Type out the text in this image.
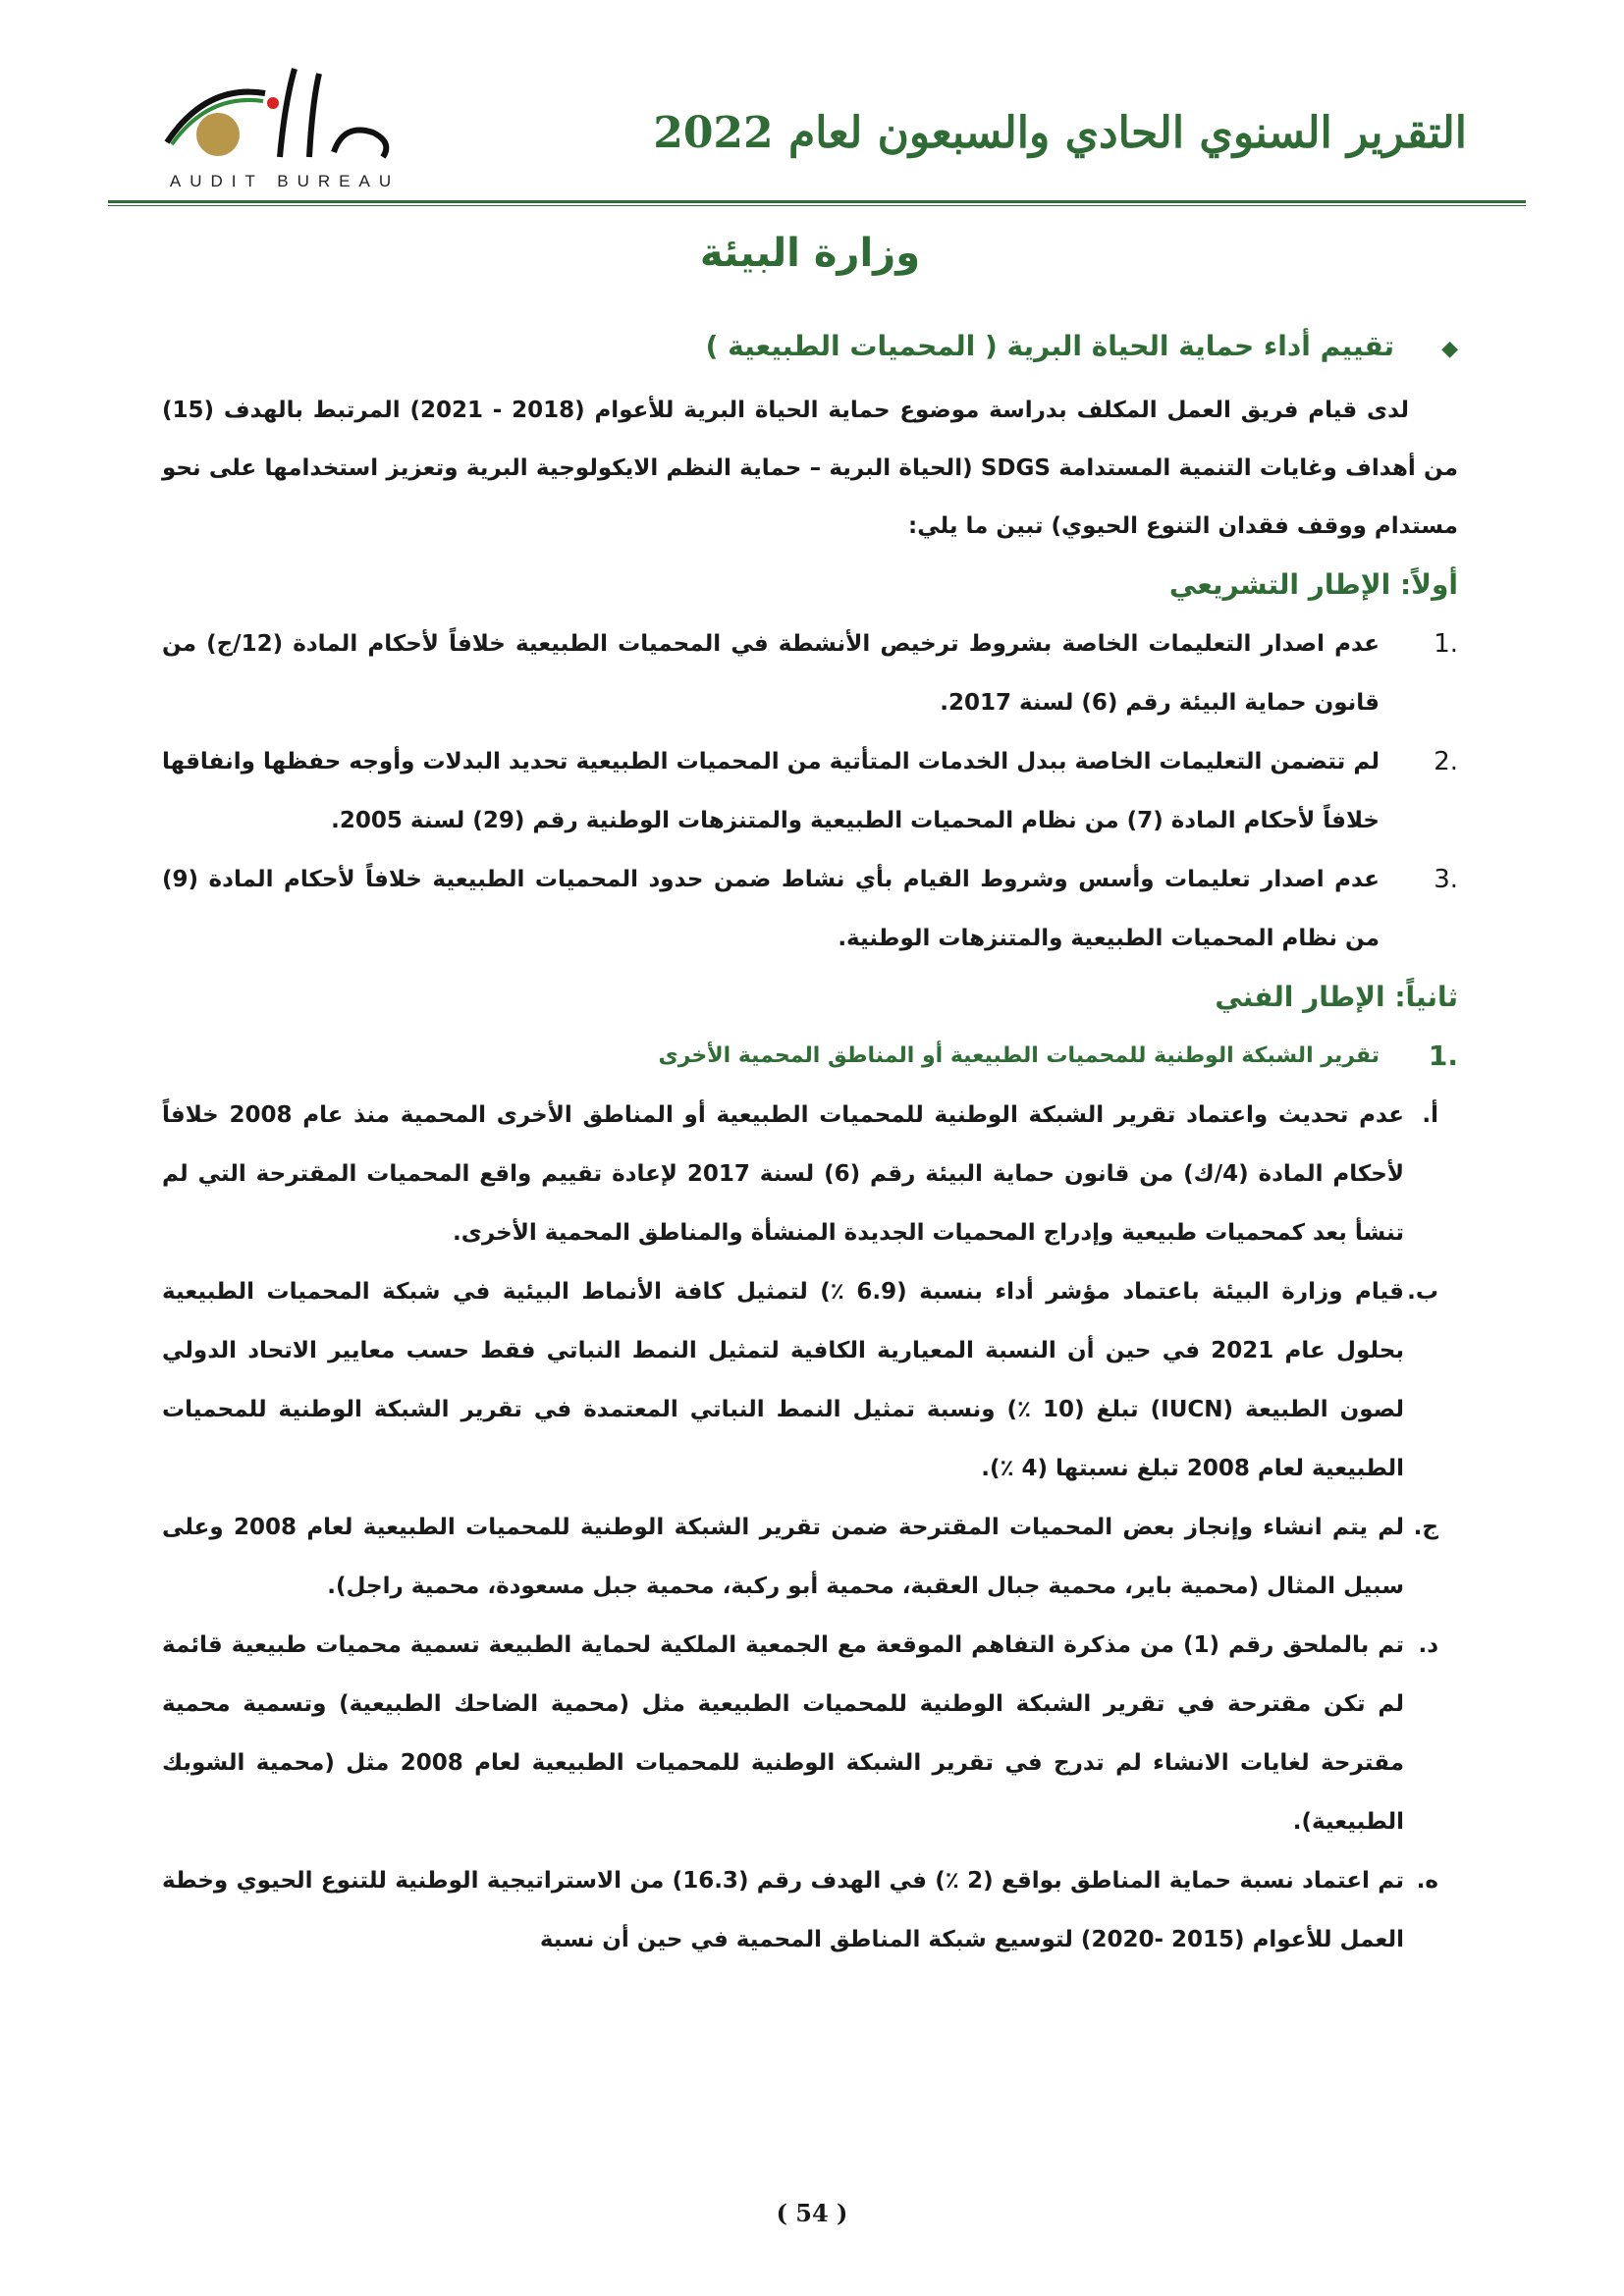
AUDIT BUREAU
التقرير السنوي الحادي والسبعون لعام 2022
وزارة البيئة
◆تقييم أداء حماية الحياة البرية ( المحميات الطبيعية )

لدى قيام فريق العمل المكلف بدراسة موضوع حماية الحياة البرية للأعوام (2018 - 2021) المرتبط بالهدف (15) من أهداف وغايات التنمية المستدامة SDGS (الحياة البرية – حماية النظم الايكولوجية البرية وتعزيز استخدامها على نحو مستدام ووقف فقدان التنوع الحيوي) تبين ما يلي:

أولاً: الإطار التشريعي
.1
عدم اصدار التعليمات الخاصة بشروط ترخيص الأنشطة في المحميات الطبيعية خلافاً لأحكام المادة (12/ج) من قانون حماية البيئة رقم (6) لسنة 2017.
.2
لم تتضمن التعليمات الخاصة ببدل الخدمات المتأتية من المحميات الطبيعية تحديد البدلات وأوجه حفظها وانفاقها خلافاً لأحكام المادة (7) من نظام المحميات الطبيعية والمتنزهات الوطنية رقم (29) لسنة 2005.
.3
عدم اصدار تعليمات وأسس وشروط القيام بأي نشاط ضمن حدود المحميات الطبيعية خلافاً لأحكام المادة (9) من نظام المحميات الطبيعية والمتنزهات الوطنية.
ثانياً: الإطار الفني
.1
تقرير الشبكة الوطنية للمحميات الطبيعية أو المناطق المحمية الأخرى
أ.
عدم تحديث واعتماد تقرير الشبكة الوطنية للمحميات الطبيعية أو المناطق الأخرى المحمية منذ عام 2008 خلافاً لأحكام المادة (4/ك) من قانون حماية البيئة رقم (6) لسنة 2017 لإعادة تقييم واقع المحميات المقترحة التي لم تنشأ بعد كمحميات طبيعية وإدراج المحميات الجديدة المنشأة والمناطق المحمية الأخرى.
ب.
قيام وزارة البيئة باعتماد مؤشر أداء بنسبة (6.9 ٪) لتمثيل كافة الأنماط البيئية في شبكة المحميات الطبيعية بحلول عام 2021 في حين أن النسبة المعيارية الكافية لتمثيل النمط النباتي فقط حسب معايير الاتحاد الدولي لصون الطبيعة (IUCN) تبلغ (10 ٪) ونسبة تمثيل النمط النباتي المعتمدة في تقرير الشبكة الوطنية للمحميات الطبيعية لعام 2008 تبلغ نسبتها (4 ٪).
ج.
لم يتم انشاء وإنجاز بعض المحميات المقترحة ضمن تقرير الشبكة الوطنية للمحميات الطبيعية لعام 2008 وعلى سبيل المثال (محمية باير، محمية جبال العقبة، محمية أبو ركبة، محمية جبل مسعودة، محمية راجل).
د.
تم بالملحق رقم (1) من مذكرة التفاهم الموقعة مع الجمعية الملكية لحماية الطبيعة تسمية محميات طبيعية قائمة لم تكن مقترحة في تقرير الشبكة الوطنية للمحميات الطبيعية مثل (محمية الضاحك الطبيعية) وتسمية محمية مقترحة لغايات الانشاء لم تدرج في تقرير الشبكة الوطنية للمحميات الطبيعية لعام 2008 مثل (محمية الشوبك الطبيعية).
ه.
تم اعتماد نسبة حماية المناطق بواقع (2 ٪) في الهدف رقم (16.3) من الاستراتيجية الوطنية للتنوع الحيوي وخطة العمل للأعوام (2015 -2020) لتوسيع شبكة المناطق المحمية في حين أن نسبة
( 54 )
